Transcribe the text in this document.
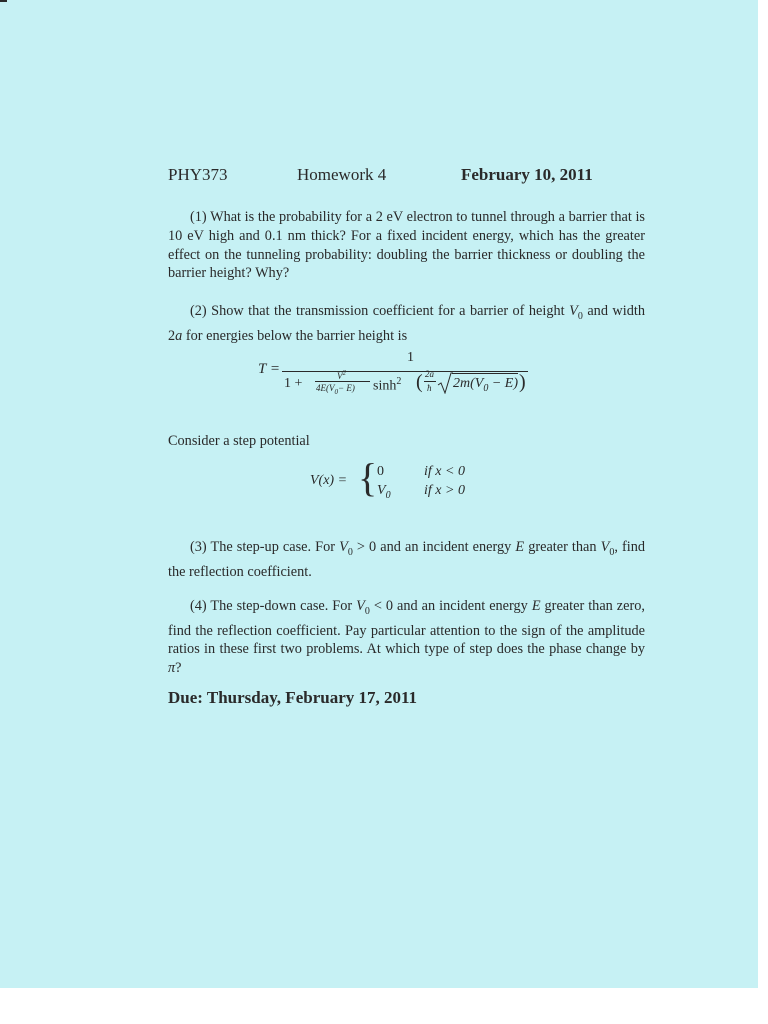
PHY373	Homework 4	February 10, 2011

(1) What is the probability for a 2 eV electron to tunnel through a barrier that is 10 eV high and 0.1 nm thick? For a fixed incident energy, which has the greater effect on the tunneling probability: doubling the barrier thickness or doubling the barrier height? Why?

(2) Show that the transmission coefficient for a barrier of height $V_0$ and width 2a for energies below the barrier height is

T =
1
1 +	$V^2$
$4E(V_0- E)$ $\sinh^2$ ( 2a
ħ $2m(V_0 - E)$ )

Consider a step potential

V(x) = { 0	if x < 0
$V_0$ if x > 0

(3) The step-up case. For $V_0 > 0$ and an incident energy E greater than $V_0$, find the reflection coefficient.

(4) The step-down case. For $V_0 < 0$ and an incident energy E greater than zero, find the reflection coefficient. Pay particular attention to the sign of the amplitude ratios in these first two problems. At which type of step does the phase change by π?

Due: Thursday, February 17, 2011
